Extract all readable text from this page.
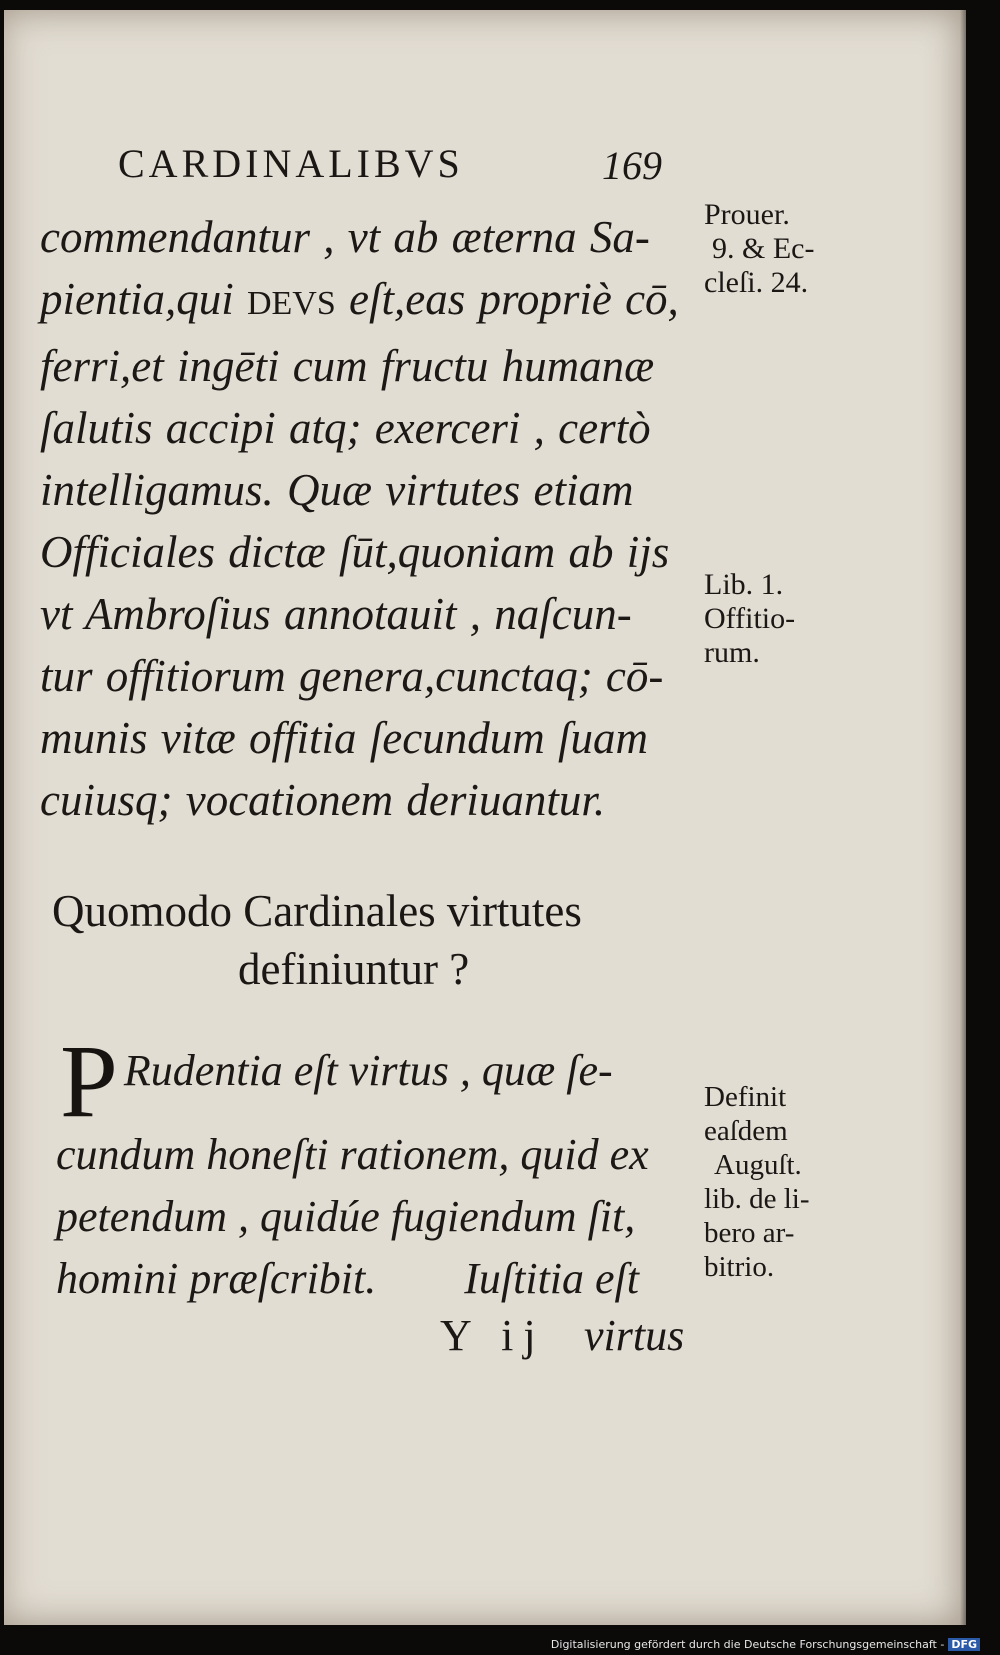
CARDINALIBVS	169
commendantur , vt ab æterna Sa-
pientia,qui DEVS eſt,eas propriè cō,
ferri,et ingēti cum fructu humanæ
ſalutis accipi atq; exerceri , certò
intelligamus. Quæ virtutes etiam
Officiales dictæ ſūt,quoniam ab ijs
vt Ambroſius annotauit , naſcun-
tur offitiorum genera,cunctaq; cō-
munis vitæ offitia ſecundum ſuam
cuiusq; vocationem deriuantur.
Prouer.
9. & Ec-
cleſi. 24.
Lib. 1.
Offitio-
rum.
Quomodo Cardinales virtutes
definiuntur ?
P Rudentia eſt virtus , quæ ſe-
cundum honeſti rationem, quid ex
petendum , quidúe fugiendum ſit,
homini præſcribit.        Iuſtitia eſt
Definit
eaſdem
Auguſt.
lib. de li-
bero ar-
bitrio.
Y ij virtus
Digitalisierung gefördert durch die Deutsche Forschungsgemeinschaft - DFG
